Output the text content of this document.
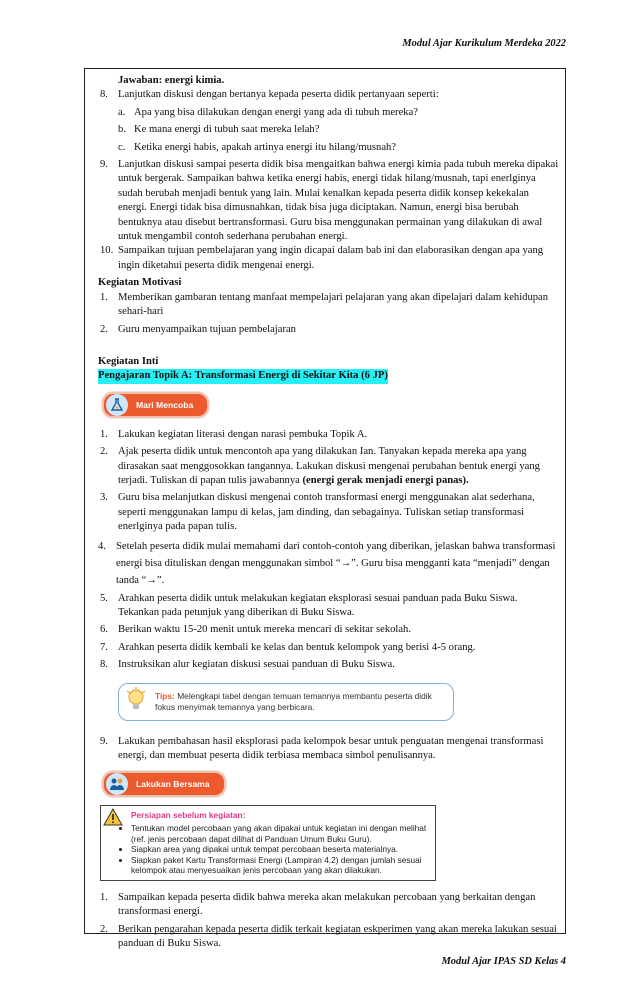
Modul Ajar Kurikulum Merdeka 2022
Jawaban: energi kimia.
8. Lanjutkan diskusi dengan bertanya kepada peserta didik pertanyaan seperti:
a. Apa yang bisa dilakukan dengan energi yang ada di tubuh mereka?
b. Ke mana energi di tubuh saat mereka lelah?
c. Ketika energi habis, apakah artinya energi itu hilang/musnah?
9. Lanjutkan diskusi sampai peserta didik bisa mengaitkan bahwa energi kimia pada tubuh mereka dipakai untuk bergerak. Sampaikan bahwa ketika energi habis, energi tidak hilang/musnah, tapi enerlginya sudah berubah menjadi bentuk yang lain. Mulai kenalkan kepada peserta didik konsep kekekalan energi. Energi tidak bisa dimusnahkan, tidak bisa juga diciptakan. Namun, energi bisa berubah bentuknya atau disebut bertransformasi. Guru bisa menggunakan permainan yang dilakukan di awal untuk mengambil contoh sederhana perubahan energi.
10. Sampaikan tujuan pembelajaran yang ingin dicapai dalam bab ini dan elaborasikan dengan apa yang ingin diketahui peserta didik mengenai energi.
Kegiatan Motivasi
1. Memberikan gambaran tentang manfaat mempelajari pelajaran yang akan dipelajari dalam kehidupan sehari-hari
2. Guru menyampaikan tujuan pembelajaran
Kegiatan Inti
Pengajaran Topik A: Transformasi Energi di Sekitar Kita (6 JP)
Mari Mencoba
1. Lakukan kegiatan literasi dengan narasi pembuka Topik A.
2. Ajak peserta didik untuk mencontoh apa yang dilakukan Ian. Tanyakan kepada mereka apa yang dirasakan saat menggosokkan tangannya. Lakukan diskusi mengenai perubahan bentuk energi yang terjadi. Tuliskan di papan tulis jawabannya (energi gerak menjadi energi panas).
3. Guru bisa melanjutkan diskusi mengenai contoh transformasi energi menggunakan alat sederhana, seperti menggunakan lampu di kelas, jam dinding, dan sebagainya. Tuliskan setiap transformasi enerlginya pada papan tulis.
4. Setelah peserta didik mulai memahami dari contoh-contoh yang diberikan, jelaskan bahwa transformasi energi bisa dituliskan dengan menggunakan simbol “→”. Guru bisa mengganti kata “menjadi” dengan tanda “→”.
5. Arahkan peserta didik untuk melakukan kegiatan eksplorasi sesuai panduan pada Buku Siswa. Tekankan pada petunjuk yang diberikan di Buku Siswa.
6. Berikan waktu 15-20 menit untuk mereka mencari di sekitar sekolah.
7. Arahkan peserta didik kembali ke kelas dan bentuk kelompok yang berisi 4-5 orang.
8. Instruksikan alur kegiatan diskusi sesuai panduan di Buku Siswa.
Tips: Melengkapi tabel dengan temuan temannya membantu peserta didik fokus menyimak temannya yang berbicara.
9. Lakukan pembahasan hasil eksplorasi pada kelompok besar untuk penguatan mengenai transformasi energi, dan membuat peserta didik terbiasa membaca simbol penulisannya.
Lakukan Bersama
Persiapan sebelum kegiatan:
• Tentukan model percobaan yang akan dipakai untuk kegiatan ini dengan melihat (ref. jenis percobaan dapat dilihat di Panduan Umum Buku Guru).
• Siapkan area yang dipakai untuk tempat percobaan beserta materialnya.
• Siapkan paket Kartu Transformasi Energi (Lampiran 4.2) dengan jumlah sesuai kelompok atau menyesuaikan jenis percobaan yang akan dilakukan.
1. Sampaikan kepada peserta didik bahwa mereka akan melakukan percobaan yang berkaitan dengan transformasi energi.
2. Berikan pengarahan kepada peserta didik terkait kegiatan eskperimen yang akan mereka lakukan sesuai panduan di Buku Siswa.
Modul Ajar IPAS SD Kelas 4
